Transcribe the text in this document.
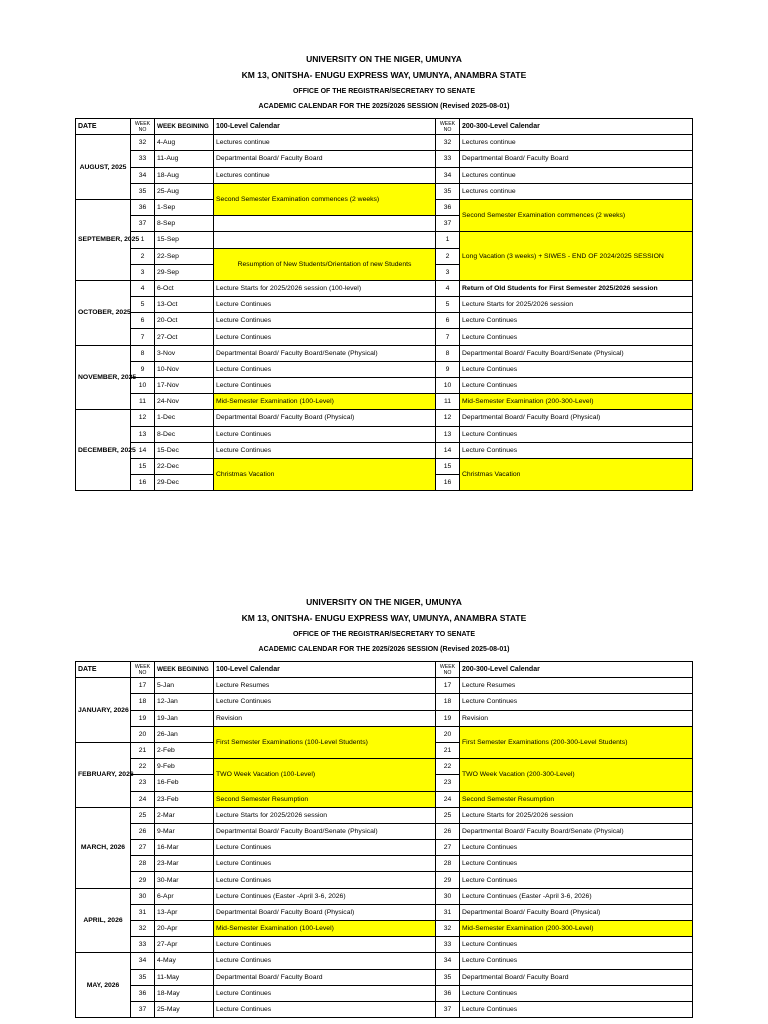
UNIVERSITY ON THE NIGER, UMUNYA
KM 13, ONITSHA- ENUGU EXPRESS WAY, UMUNYA, ANAMBRA STATE
OFFICE OF THE REGISTRAR/SECRETARY TO SENATE
ACADEMIC CALENDAR FOR THE 2025/2026 SESSION (Revised 2025-08-01)
DATE	WEEK NO	WEEK BEGINING	100-Level Calendar	WEEK NO	200-300-Level Calendar
AUGUST, 2025	32	4-Aug	Lectures continue	32	Lectures continue
	33	11-Aug	Departmental Board/ Faculty Board	33	Departmental Board/ Faculty Board
	34	18-Aug	Lectures continue	34	Lectures continue
	35	25-Aug	Second Semester Examination commences (2 weeks)	35	Lectures continue
SEPTEMBER, 2025	36	1-Sep		36	Second Semester Examination commences (2 weeks)
	37	8-Sep		37	
	1	15-Sep		1	Long Vacation (3 weeks) + SIWES - END OF 2024/2025 SESSION
	2	22-Sep	Resumption of New Students/Orientation of new Students	2	
	3	29-Sep		3	
OCTOBER, 2025	4	6-Oct	Lecture Starts for 2025/2026 session (100-level)	4	Return of Old Students for First Semester 2025/2026 session
	5	13-Oct	Lecture Continues	5	Lecture Starts for 2025/2026 session
	6	20-Oct	Lecture Continues	6	Lecture Continues
	7	27-Oct	Lecture Continues	7	Lecture Continues
NOVEMBER, 2025	8	3-Nov	Departmental Board/ Faculty Board/Senate (Physical)	8	Departmental Board/ Faculty Board/Senate (Physical)
	9	10-Nov	Lecture Continues	9	Lecture Continues
	10	17-Nov	Lecture Continues	10	Lecture Continues
	11	24-Nov	Mid-Semester Examination (100-Level)	11	Mid-Semester Examination (200-300-Level)
DECEMBER, 2025	12	1-Dec	Departmental Board/ Faculty Board (Physical)	12	Departmental Board/ Faculty Board (Physical)
	13	8-Dec	Lecture Continues	13	Lecture Continues
	14	15-Dec	Lecture Continues	14	Lecture Continues
	15	22-Dec	Christmas Vacation	15	Christmas Vacation
	16	29-Dec		16	
UNIVERSITY ON THE NIGER, UMUNYA
KM 13, ONITSHA- ENUGU EXPRESS WAY, UMUNYA, ANAMBRA STATE
OFFICE OF THE REGISTRAR/SECRETARY TO SENATE
ACADEMIC CALENDAR FOR THE 2025/2026 SESSION (Revised 2025-08-01)
DATE	WEEK NO	WEEK BEGINING	100-Level Calendar	WEEK NO	200-300-Level Calendar
JANUARY, 2026	17	5-Jan	Lecture Resumes	17	Lecture Resumes
	18	12-Jan	Lecture Continues	18	Lecture Continues
	19	19-Jan	Revision	19	Revision
	20	26-Jan	First Semester Examinations (100-Level Students)	20	First Semester Examinations (200-300-Level Students)
FEBRUARY, 2026	21	2-Feb		21	
	22	9-Feb	TWO Week Vacation (100-Level)	22	TWO Week Vacation (200-300-Level)
	23	16-Feb		23	
	24	23-Feb	Second Semester Resumption	24	Second Semester Resumption
MARCH, 2026	25	2-Mar	Lecture Starts for 2025/2026 session	25	Lecture Starts for 2025/2026 session
	26	9-Mar	Departmental Board/ Faculty Board/Senate (Physical)	26	Departmental Board/ Faculty Board/Senate (Physical)
	27	16-Mar	Lecture Continues	27	Lecture Continues
	28	23-Mar	Lecture Continues	28	Lecture Continues
	29	30-Mar	Lecture Continues	29	Lecture Continues
APRIL, 2026	30	6-Apr	Lecture Continues (Easter -April 3-6, 2026)	30	Lecture Continues (Easter -April 3-6, 2026)
	31	13-Apr	Departmental Board/ Faculty Board (Physical)	31	Departmental Board/ Faculty Board (Physical)
	32	20-Apr	Mid-Semester Examination (100-Level)	32	Mid-Semester Examination (200-300-Level)
	33	27-Apr	Lecture Continues	33	Lecture Continues
MAY, 2026	34	4-May	Lecture Continues	34	Lecture Continues
	35	11-May	Departmental Board/ Faculty Board	35	Departmental Board/ Faculty Board
	36	18-May	Lecture Continues	36	Lecture Continues
	37	25-May	Lecture Continues	37	Lecture Continues
